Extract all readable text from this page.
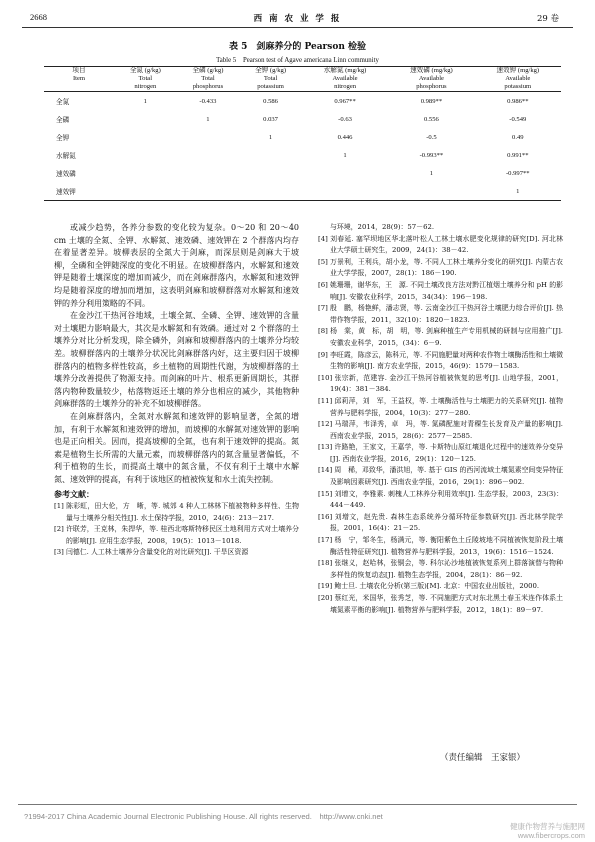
2668	西 南 农 业 学 报	29 卷
表 5　剑麻养分的 Pearson 检验
Table 5　Pearson test of Agave americana Linn community
项目	全氮 (g/kg)	全磷 (g/kg)	全钾 (g/kg)	水解氮 (mg/kg)	速效磷 (mg/kg)	速效钾 (mg/kg)
Item	Total	Total	Total	Available	Available	Available
	nitrogen	phosphorus	potassium	nitrogen	phosphorus	potassium
全氮	1	-0.433	0.586	0.967**	0.989**	0.986**
全磷		1	0.037	-0.63	0.556	-0.549
全钾			1	0.446	-0.5	0.49
水解氮				1	-0.993**	0.991**
速效磷					1	-0.997**
速效钾						1

或减少趋势，各养分参数的变化较为复杂。0～20 和 20～40 cm 土壤的全氮、全钾、水解氮、速效磷、速效钾在 2 个群落内均存在着显著差异。坡柳表层的全氮大于剑麻，而深层则是剑麻大于坡柳，全磷和全钾随深度的变化不明显。在坡柳群落内，水解氮和速效钾是随着土壤深度的增加而减少，而在剑麻群落内，水解氮和速效钾均是随着深度的增加而增加，这表明剑麻和坡柳群落对水解氮和速效钾的养分利用策略的不同。

在金沙江干热河谷地域，土壤全氮、全磷、全钾、速效钾的含量对土壤肥力影响最大，其次是水解氮和有效磷。通过对 2 个群落的土壤养分对比分析发现，除全磷外，剑麻和坡柳群落内的土壤养分均较差。坡柳群落内的土壤养分状况比剑麻群落内好，这主要归因于坡柳群落内的植物多样性较高，乡土植物的周期性代谢，为坡柳群落的土壤养分改善提供了物源支持。而剑麻的叶片、根系更新周期长，其群落内物种数量较少，枯落物返还土壤的养分也相应的减少，其他物种剑麻群落的土壤养分的补充不如坡柳群落。

在剑麻群落内，全氮对水解氮和速效钾的影响显著，全氮的增加，有利于水解氮和速效钾的增加，而坡柳的水解氮对速效钾的影响也是正向相关。因而，提高坡柳的全氮，也有利于速效钾的提高。氮素是植物生长所需的大量元素，而坡柳群落内的氮含量显著偏低，不利于植物的生长，而提高土壤中的氮含量，不仅有利于土壤中水解氮、速效钾的提高，有利于该地区的植被恢复和水土流失控制。

参考文献：
[1] 陈彩虹，田大伦，方　晰，等. 城郊 4 种人工林林下植被物种多样性、生物量与土壤养分相关性[J]. 水土保持学报，2010，24(6)：213－217.
[2] 许联芳，王克林，朱捍华，等. 桂西北喀斯特移民区土地利用方式对土壤养分的影响[J]. 应用生态学报，2008，19(5)：1013－1018.
[3] 闫德仁. 人工林土壤养分含量变化的对比研究[J]. 干旱区资源
与环境，2014，28(9)：57－62.
[4] 刘春延. 塞罕坝地区华北落叶松人工林土壤水肥变化规律的研究[D]. 河北林业大学硕士研究生，2009，24(1)：38－42.
[5] 万景利，王利兵，胡小龙，等. 不同人工林土壤养分变化的研究[J]. 内蒙古农业大学学报，2007，28(1)：186－190.
[6] 姚珊珊，谢华东，王　源. 不同土壤改良方法对黔江植烟土壤养分和 pH 的影响[J]. 安徽农业科学，2015，34(34)：196－198.
[7] 殷　鹏，杨艳鲜，潘志贤，等. 云南金沙江干热河谷土壤肥力综合评价[J]. 热带作物学报，2011，32(10)：1820－1823.
[8] 杨　棠，黄　标，胡　明，等. 剑麻种植生产专用机械的研制与应用推广[J]. 安徽农业科学，2015，(34)：6－9.
[9] 李旺霞，陈彦云，陈科元，等. 不同施肥量对两种农作物土壤酶活性和土壤微生物的影响[J]. 南方农业学报，2015，46(9)：1579－1583.
[10] 张宗新，范建容. 金沙江干热河谷植被恢复的思考[J]. 山地学报，2001，19(4)：381－384.
[11] 邱莉萍，刘　军，王益权，等. 土壤酶活性与土壤肥力的关系研究[J]. 植物营养与肥料学报，2004，10(3)：277－280.
[12] 马瑞萍，韦泽秀，卓　玛，等. 氮磷配施对青稞生长发育及产量的影响[J]. 西南农业学报，2015，28(6)：2577－2585.
[13] 许路艳，王家文，王嘉学，等. 卡斯特山原红壤退化过程中的速效养分变异[J]. 西南农业学报，2016，29(1)：120－125.
[14] 周　稀，邓致华，潘洪旭，等. 基于 GIS 的西河流域土壤氮素空间变异特征及影响因素研究[J]. 西南农业学报，2016，29(1)：896－902.
[15] 刘增文，李雅素. 刺槐人工林养分利用效率[J]. 生态学报，2003，23(3)：444－449.
[16] 刘增文，赵先贵. 森林生态系统养分循环特征参数研究[J]. 西北林学院学报，2001，16(4)：21－25.
[17] 杨　宁，邹冬生，杨满元，等. 衡阳紫色土丘陵坡地不同植被恢复阶段土壤酶活性特征研究[J]. 植物营养与肥料学报，2013，19(6)：1516－1524.
[18] 张继义，赵哈林，张铜会，等. 科尔沁沙地植被恢复系列上群落演替与物种多样性的恢复动态[J]. 植物生态学报，2004，28(1)：86－92.
[19] 鲍士旦. 土壤农化分析(第三版)[M]. 北京：中国农业出版社，2000.
[20] 蔡红光，米国华，张秀芝，等. 不同施肥方式对东北黑土春玉米连作体系土壤氮素平衡的影响[J]. 植物营养与肥料学报，2012，18(1)：89－97.
（责任编辑　王家银）
?1994-2017 China Academic Journal Electronic Publishing House. All rights reserved.　http://www.cnki.net
健康作物营养与施肥网
www.fibercrops.com
